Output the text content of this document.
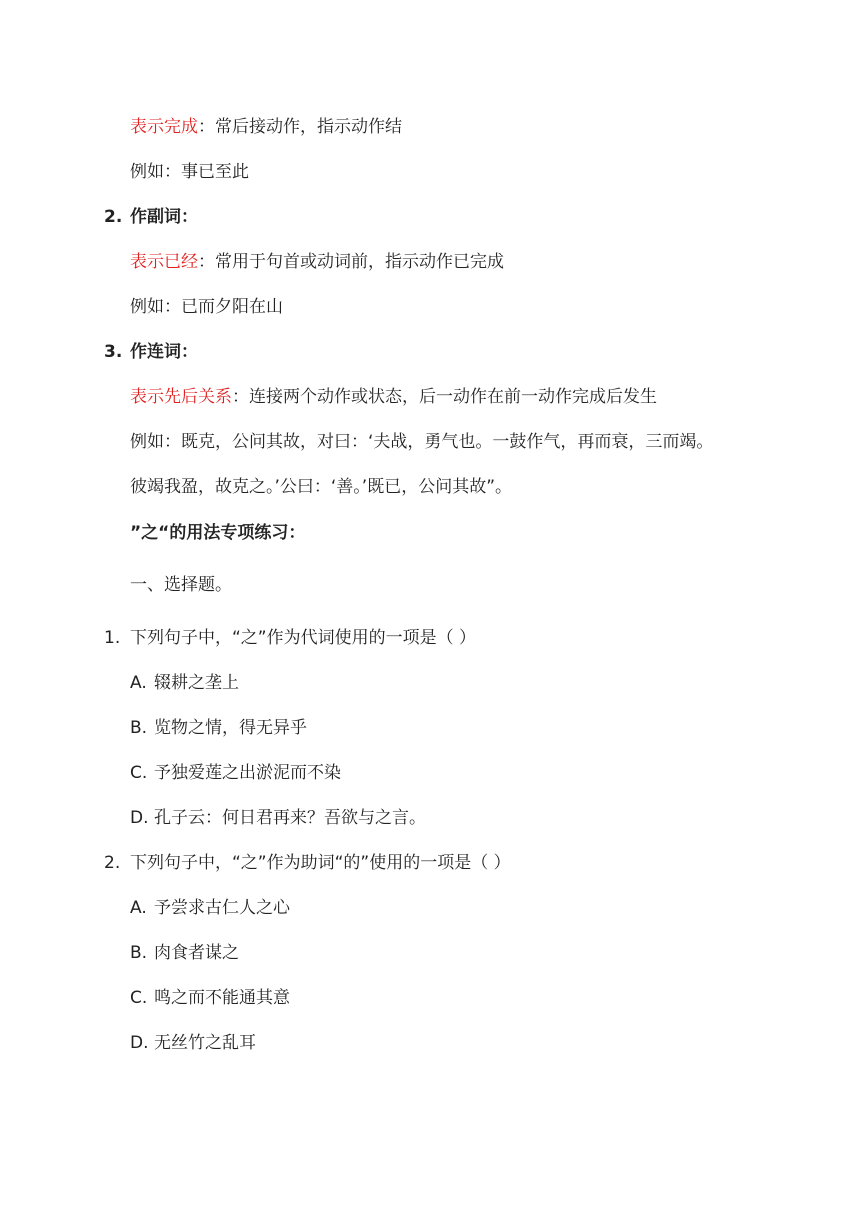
表示完成：常后接动作，指示动作结
例如：事已至此
2. 作副词：
表示已经：常用于句首或动词前，指示动作已完成
例如：已而夕阳在山
3. 作连词：
表示先后关系：连接两个动作或状态，后一动作在前一动作完成后发生
例如：既克，公问其故，对曰：‘夫战，勇气也。一鼓作气，再而衰，三而竭。
彼竭我盈，故克之。’公曰：‘善。’既已，公问其故”。
”之“的用法专项练习：
一、选择题。
1. 下列句子中，“之”作为代词使用的一项是（ ）
A. 辍耕之垄上
B. 览物之情，得无异乎
C. 予独爱莲之出淤泥而不染
D. 孔子云：何日君再来？吾欲与之言。
2. 下列句子中，“之”作为助词“的”使用的一项是（ ）
A. 予尝求古仁人之心
B. 肉食者谋之
C. 鸣之而不能通其意
D. 无丝竹之乱耳
